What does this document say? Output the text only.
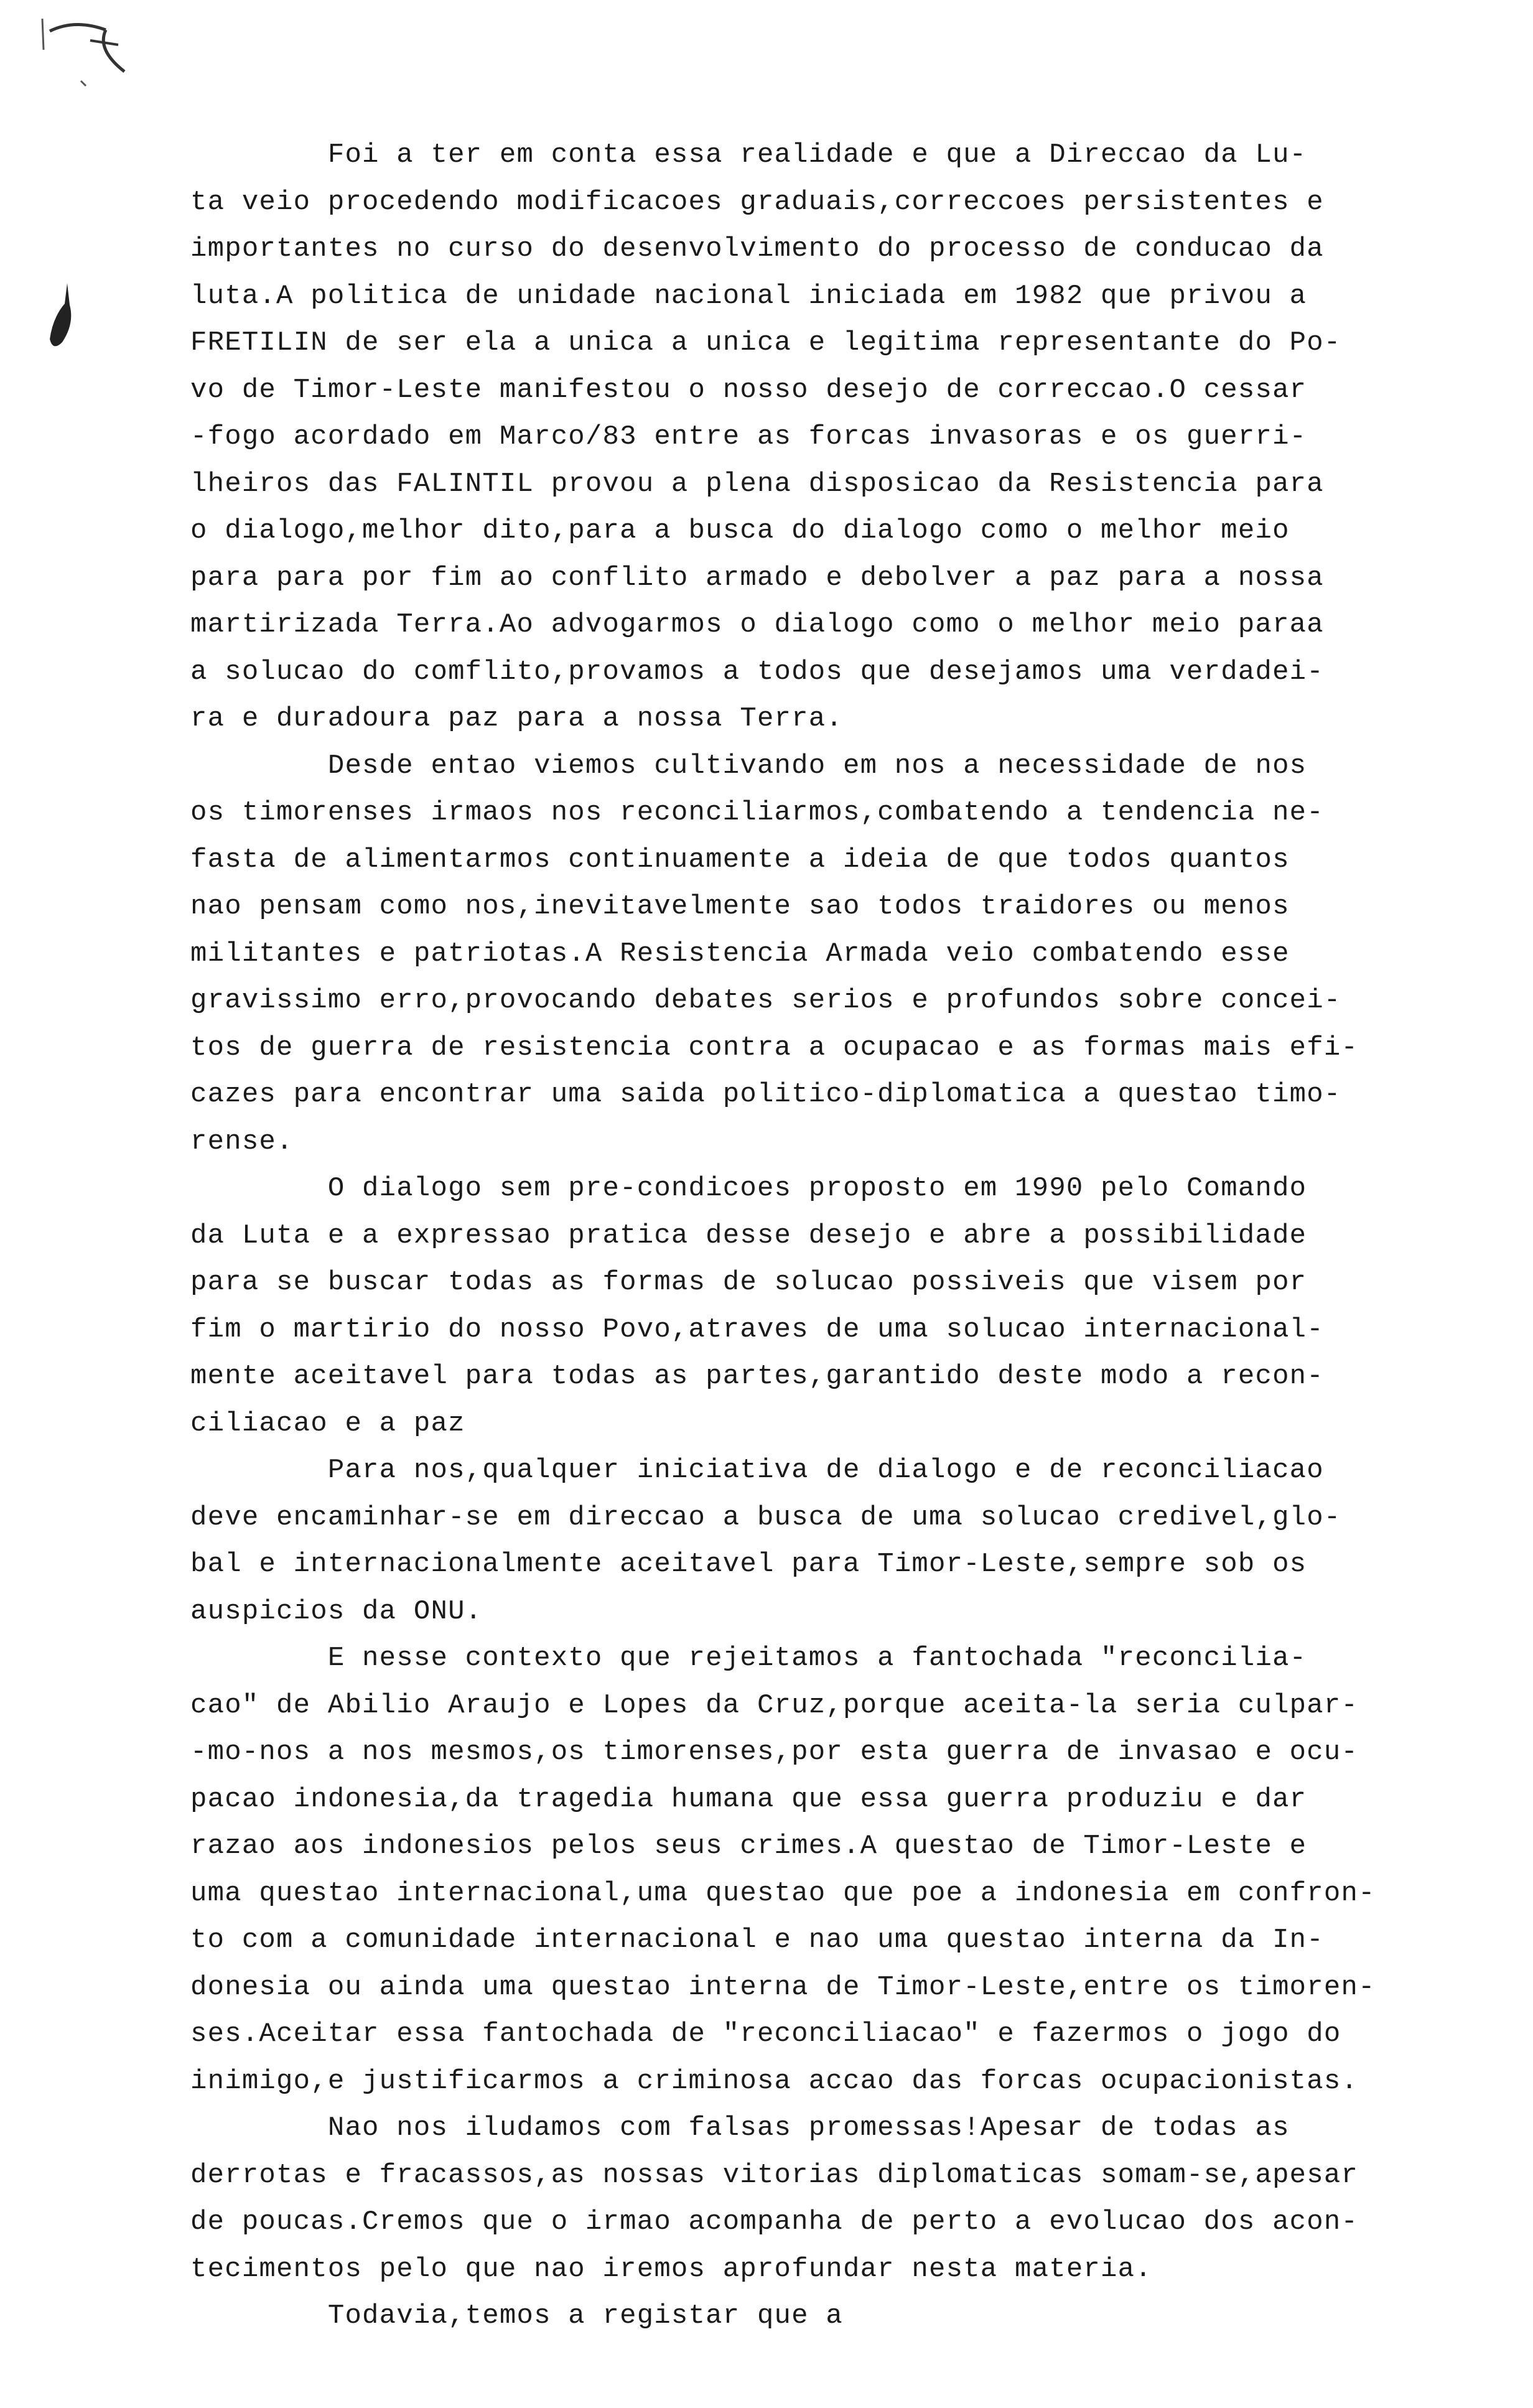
Foi a ter em conta essa realidade e que a Direccao da Lu-
ta veio procedendo modificacoes graduais,correccoes persistentes e
importantes no curso do desenvolvimento do processo de conducao da
luta.A politica de unidade nacional iniciada em 1982 que privou a
FRETILIN de ser ela a unica a unica e legitima representante do Po-
vo de Timor-Leste manifestou o nosso desejo de correccao.O cessar
-fogo acordado em Marco/83 entre as forcas invasoras e os guerri-
lheiros das FALINTIL provou a plena disposicao da Resistencia para
o dialogo,melhor dito,para a busca do dialogo como o melhor meio
para para por fim ao conflito armado e debolver a paz para a nossa
martirizada Terra.Ao advogarmos o dialogo como o melhor meio paraa
a solucao do comflito,provamos a todos que desejamos uma verdadei-
ra e duradoura paz para a nossa Terra.
Desde entao viemos cultivando em nos a necessidade de nos
os timorenses irmaos nos reconciliarmos,combatendo a tendencia ne-
fasta de alimentarmos continuamente a ideia de que todos quantos
nao pensam como nos,inevitavelmente sao todos traidores ou menos
militantes e patriotas.A Resistencia Armada veio combatendo esse
gravissimo erro,provocando debates serios e profundos sobre concei-
tos de guerra de resistencia contra a ocupacao e as formas mais efi-
cazes para encontrar uma saida politico-diplomatica a questao timo-
rense.
O dialogo sem pre-condicoes proposto em 1990 pelo Comando
da Luta e a expressao pratica desse desejo e abre a possibilidade
para se buscar todas as formas de solucao possiveis que visem por
fim o martirio do nosso Povo,atraves de uma solucao internacional-
mente aceitavel para todas as partes,garantido deste modo a recon-
ciliacao e a paz
Para nos,qualquer iniciativa de dialogo e de reconciliacao
deve encaminhar-se em direccao a busca de uma solucao credivel,glo-
bal e internacionalmente aceitavel para Timor-Leste,sempre sob os
auspicios da ONU.
E nesse contexto que rejeitamos a fantochada "reconcilia-
cao" de Abilio Araujo e Lopes da Cruz,porque aceita-la seria culpar-
-mo-nos a nos mesmos,os timorenses,por esta guerra de invasao e ocu-
pacao indonesia,da tragedia humana que essa guerra produziu e dar
razao aos indonesios pelos seus crimes.A questao de Timor-Leste e
uma questao internacional,uma questao que poe a indonesia em confron-
to com a comunidade internacional e nao uma questao interna da In-
donesia ou ainda uma questao interna de Timor-Leste,entre os timoren-
ses.Aceitar essa fantochada de "reconciliacao" e fazermos o jogo do
inimigo,e justificarmos a criminosa accao das forcas ocupacionistas.
Nao nos iludamos com falsas promessas!Apesar de todas as
derrotas e fracassos,as nossas vitorias diplomaticas somam-se,apesar
de poucas.Cremos que o irmao acompanha de perto a evolucao dos acon-
tecimentos pelo que nao iremos aprofundar nesta materia.
Todavia,temos a registar que a
